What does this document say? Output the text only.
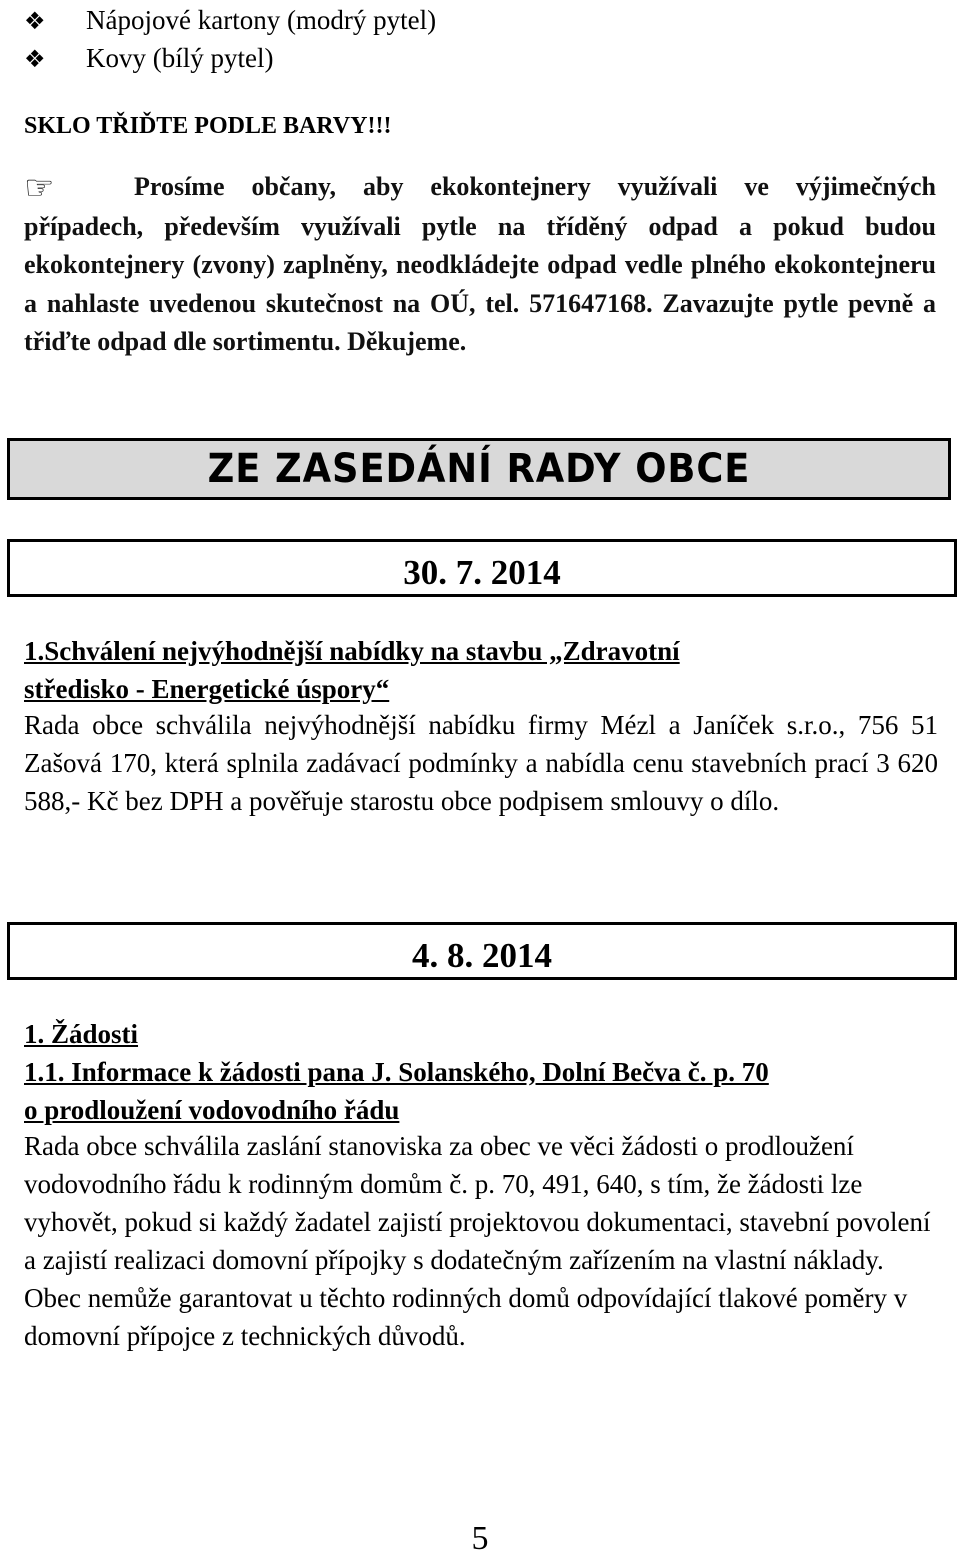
❖ Nápojové kartony (modrý pytel)
❖ Kovy (bílý pytel)
SKLO TŘIĎTE PODLE BARVY!!!
☞	Prosíme občany, aby ekokontejnery využívali ve výjimečných případech, především využívali pytle na tříděný odpad a pokud budou ekokontejnery (zvony) zaplněny, neodkládejte odpad vedle plného ekokontejneru a nahlaste uvedenou skutečnost na OÚ, tel. 571647168. Zavazujte pytle pevně a třiďte odpad dle sortimentu. Děkujeme.
ZE ZASEDÁNÍ RADY OBCE
30. 7. 2014
1.Schválení nejvýhodnější nabídky na stavbu „Zdravotní
středisko - Energetické úspory“
Rada obce schválila nejvýhodnější nabídku firmy Mézl a Janíček s.r.o., 756 51 Zašová 170, která splnila zadávací podmínky a nabídla cenu stavebních prací 3 620 588,- Kč bez DPH a pověřuje starostu obce podpisem smlouvy o dílo.
4. 8. 2014
1. Žádosti
1.1. Informace k žádosti pana J. Solanského, Dolní Bečva č. p. 70
o prodloužení vodovodního řádu
Rada obce schválila zaslání stanoviska za obec ve věci žádosti o prodloužení vodovodního řádu k rodinným domům č. p. 70, 491, 640, s tím, že žádosti lze vyhovět, pokud si každý žadatel zajistí projektovou dokumentaci, stavební povolení a zajistí realizaci domovní přípojky s dodatečným zařízením na vlastní náklady. Obec nemůže garantovat u těchto rodinných domů odpovídající tlakové poměry v domovní přípojce z technických důvodů.
5
